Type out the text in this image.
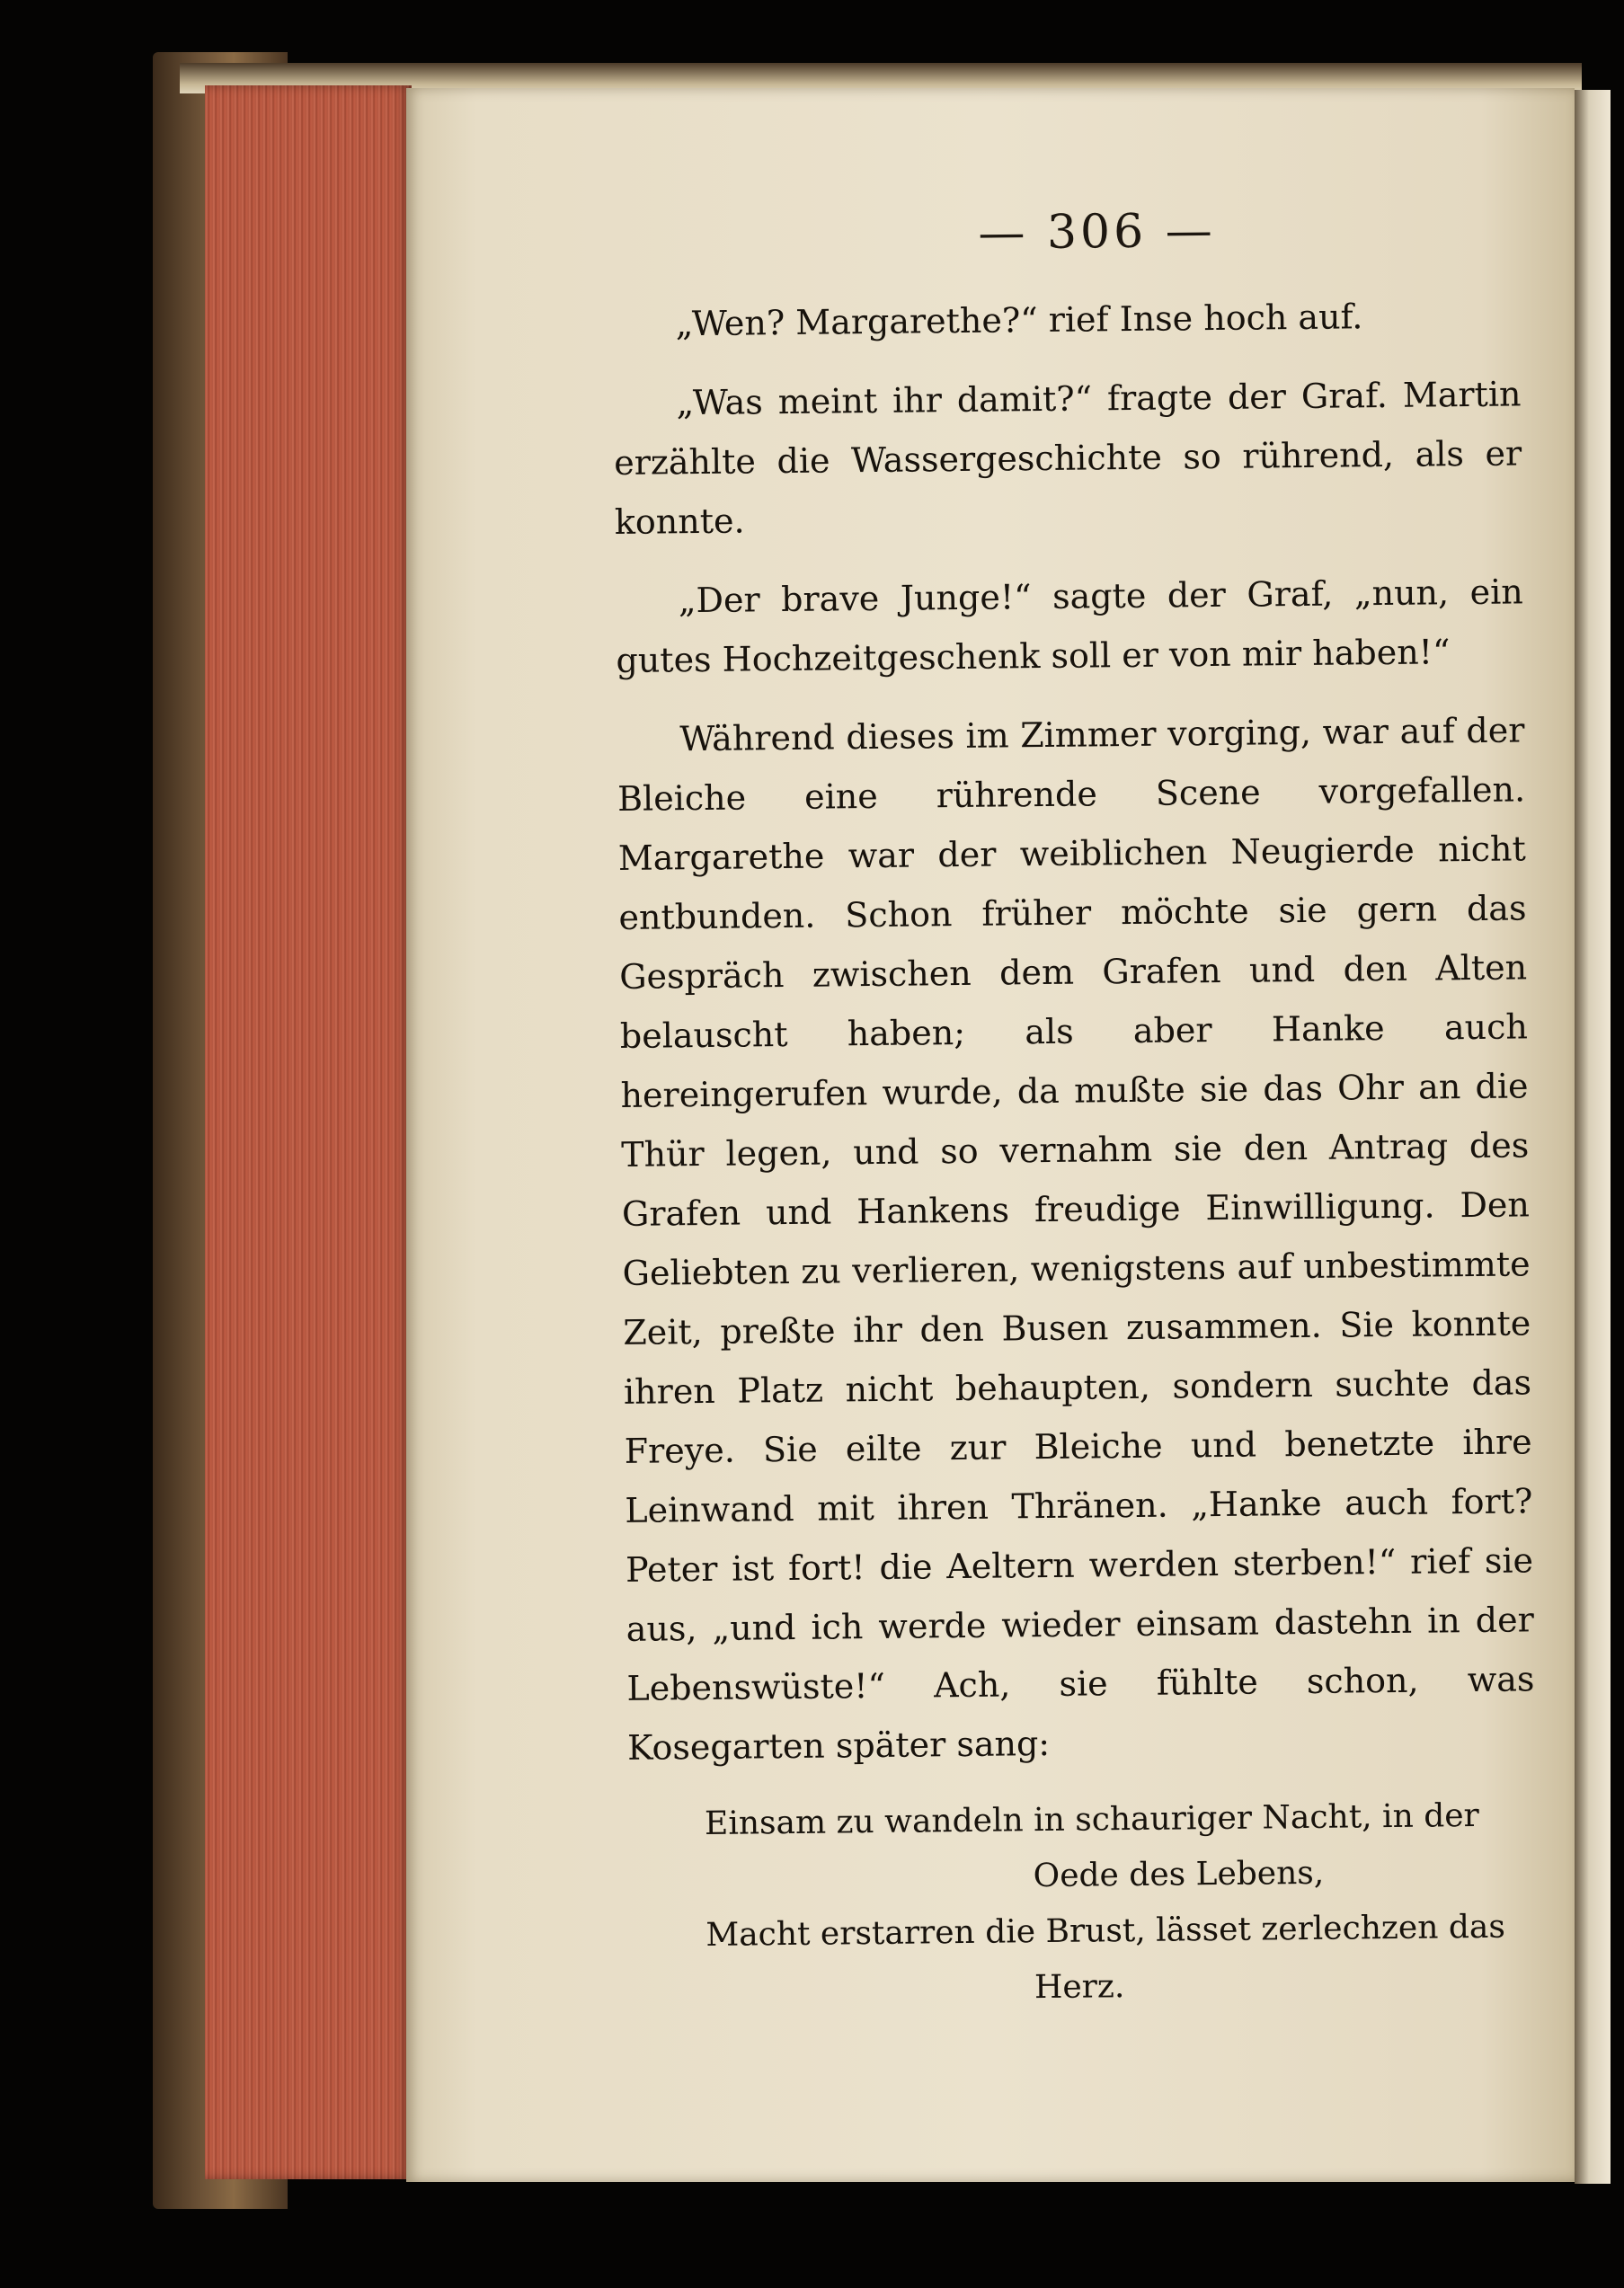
— 306 —

„Wen? Margarethe?“ rief Inse hoch auf.

„Was meint ihr damit?“ fragte der Graf. Martin erzählte die Wassergeschichte so rührend, als er konnte.

„Der brave Junge!“ sagte der Graf, „nun, ein gutes Hochzeitgeschenk soll er von mir haben!“

Während dieses im Zimmer vorging, war auf der Bleiche eine rührende Scene vorgefallen. Margarethe war der weiblichen Neugierde nicht entbunden. Schon früher möchte sie gern das Gespräch zwischen dem Grafen und den Alten belauscht haben; als aber Hanke auch hereingerufen wurde, da mußte sie das Ohr an die Thür legen, und so vernahm sie den Antrag des Grafen und Hankens freudige Einwilligung. Den Geliebten zu verlieren, wenigstens auf unbestimmte Zeit, preßte ihr den Busen zusammen. Sie konnte ihren Platz nicht behaupten, sondern suchte das Freye. Sie eilte zur Bleiche und benetzte ihre Leinwand mit ihren Thränen. „Hanke auch fort? Peter ist fort! die Aeltern werden sterben!“ rief sie aus, „und ich werde wieder einsam dastehn in der Lebenswüste!“ Ach, sie fühlte schon, was Kosegarten später sang:

Einsam zu wandeln in schauriger Nacht, in der
Oede des Lebens,
Macht erstarren die Brust, lässet zerlechzen das
Herz.
